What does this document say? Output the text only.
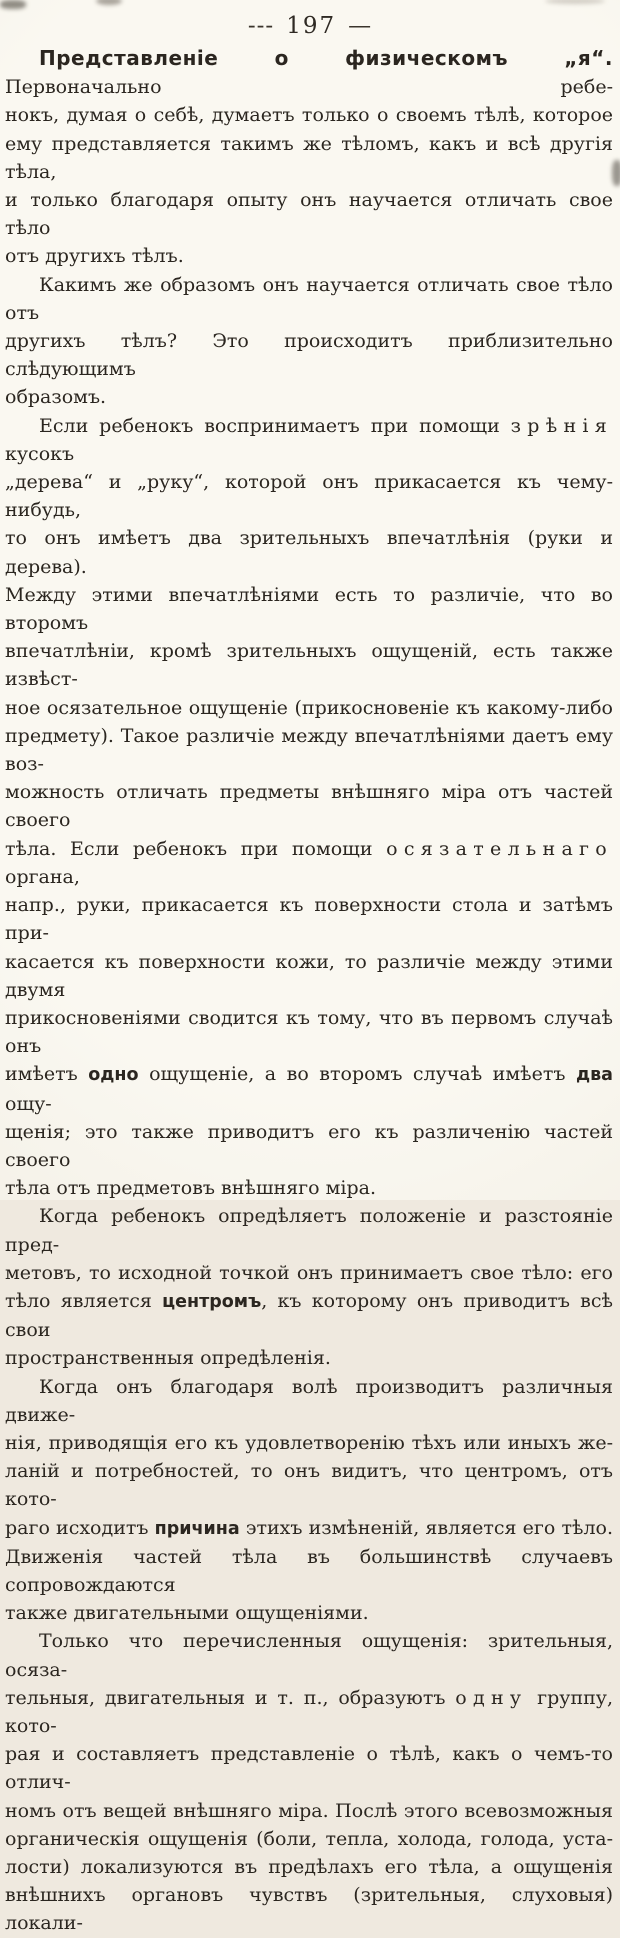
--- 197 —
Представленіе о физическомъ „я“. Первоначально ребе-
нокъ, думая о себѣ, думаетъ только о своемъ тѣлѣ, которое
ему представляется такимъ же тѣломъ, какъ и всѣ другія тѣла,
и только благодаря опыту онъ научается отличать свое тѣло
отъ другихъ тѣлъ.
Какимъ же образомъ онъ научается отличать свое тѣло отъ
другихъ тѣлъ? Это происходитъ приблизительно слѣдующимъ
образомъ.
Если ребенокъ воспринимаетъ при помощи зрѣнія кусокъ
„дерева“ и „руку“, которой онъ прикасается къ чему-нибудь,
то онъ имѣетъ два зрительныхъ впечатлѣнія (руки и дерева).
Между этими впечатлѣніями есть то различіе, что во второмъ
впечатлѣніи, кромѣ зрительныхъ ощущеній, есть также извѣст-
ное осязательное ощущеніе (прикосновеніе къ какому-либо
предмету). Такое различіе между впечатлѣніями даетъ ему воз-
можность отличать предметы внѣшняго міра отъ частей своего
тѣла. Если ребенокъ при помощи осязательнаго органа,
напр., руки, прикасается къ поверхности стола и затѣмъ при-
касается къ поверхности кожи, то различіе между этими двумя
прикосновеніями сводится къ тому, что въ первомъ случаѣ онъ
имѣетъ одно ощущеніе, а во второмъ случаѣ имѣетъ два ощу-
щенія; это также приводитъ его къ различенію частей своего
тѣла отъ предметовъ внѣшняго міра.
Когда ребенокъ опредѣляетъ положеніе и разстояніе пред-
метовъ, то исходной точкой онъ принимаетъ свое тѣло: его
тѣло является центромъ, къ которому онъ приводитъ всѣ свои
пространственныя опредѣленія.
Когда онъ благодаря волѣ производитъ различныя движе-
нія, приводящія его къ удовлетворенію тѣхъ или иныхъ же-
ланій и потребностей, то онъ видитъ, что центромъ, отъ кото-
раго исходитъ причина этихъ измѣненій, является его тѣло.
Движенія частей тѣла въ большинствѣ случаевъ сопровождаются
также двигательными ощущеніями.
Только что перечисленныя ощущенія: зрительныя, осяза-
тельныя, двигательныя и т. п., образуютъ одну группу, кото-
рая и составляетъ представленіе о тѣлѣ, какъ о чемъ-то отлич-
номъ отъ вещей внѣшняго міра. Послѣ этого всевозможныя
органическія ощущенія (боли, тепла, холода, голода, уста-
лости) локализуются въ предѣлахъ его тѣла, а ощущенія
внѣшнихъ органовъ чувствъ (зрительныя, слуховыя) локали-
